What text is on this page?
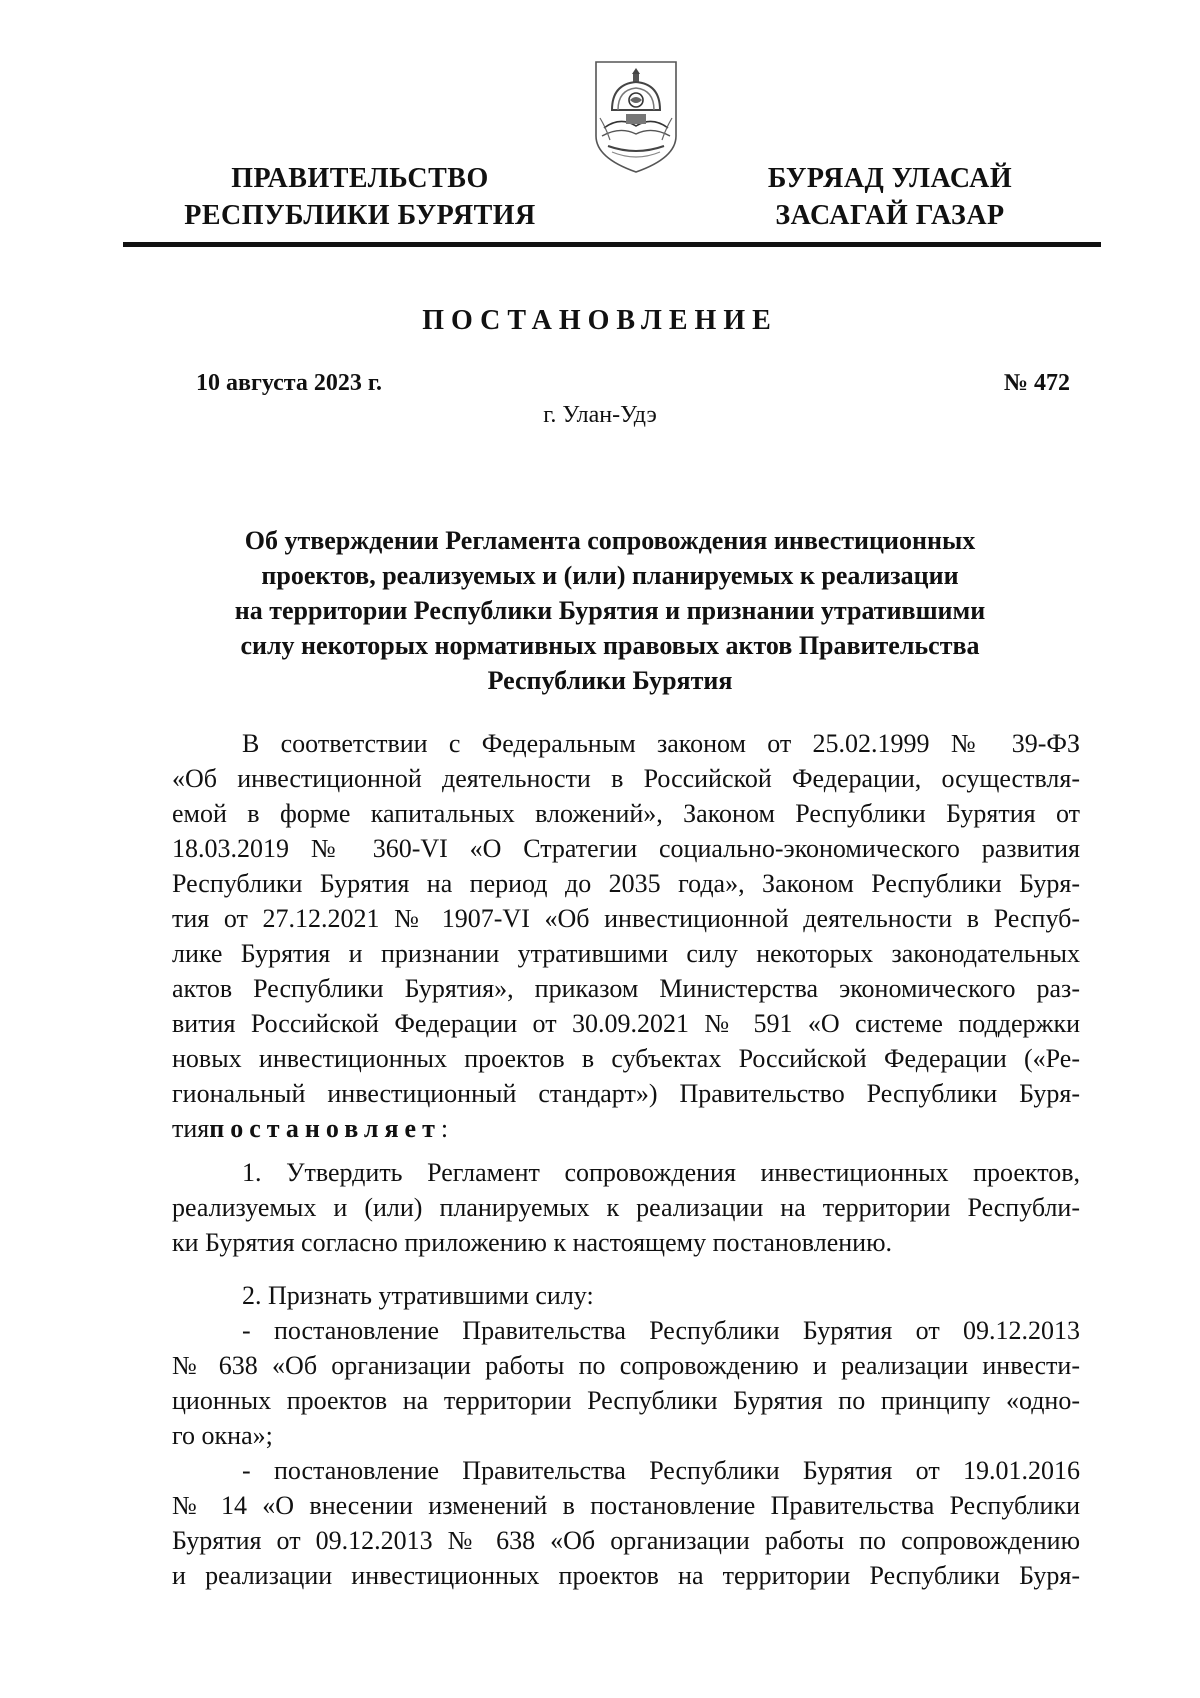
ПРАВИТЕЛЬСТВО
РЕСПУБЛИКИ БУРЯТИЯ
БУРЯАД УЛАСАЙ
ЗАСАГАЙ ГАЗАР
ПОСТАНОВЛЕНИЕ
10 августа 2023 г.	№ 472
г. Улан-Удэ
Об утверждении Регламента сопровождения инвестиционных
проектов, реализуемых и (или) планируемых к реализации
на территории Республики Бурятия и признании утратившими
силу некоторых нормативных правовых актов Правительства
Республики Бурятия
В соответствии с Федеральным законом от 25.02.1999 № 39-ФЗ
«Об инвестиционной деятельности в Российской Федерации, осуществля-
емой в форме капитальных вложений», Законом Республики Бурятия от
18.03.2019 № 360-VI «О Стратегии социально-экономического развития
Республики Бурятия на период до 2035 года», Законом Республики Буря-
тия от 27.12.2021 № 1907-VI «Об инвестиционной деятельности в Респуб-
лике Бурятия и признании утратившими силу некоторых законодательных
актов Республики Бурятия», приказом Министерства экономического раз-
вития Российской Федерации от 30.09.2021 № 591 «О системе поддержки
новых инвестиционных проектов в субъектах Российской Федерации («Ре-
гиональный инвестиционный стандарт») Правительство Республики Буря-
тияпостановляет:
1. Утвердить Регламент сопровождения инвестиционных проектов,
реализуемых и (или) планируемых к реализации на территории Республи-
ки Бурятия согласно приложению к настоящему постановлению.
2. Признать утратившими силу:
- постановление Правительства Республики Бурятия от 09.12.2013
№ 638 «Об организации работы по сопровождению и реализации инвести-
ционных проектов на территории Республики Бурятия по принципу «одно-
го окна»;
- постановление Правительства Республики Бурятия от 19.01.2016
№ 14 «О внесении изменений в постановление Правительства Республики
Бурятия от 09.12.2013 № 638 «Об организации работы по сопровождению
и реализации инвестиционных проектов на территории Республики Буря-
